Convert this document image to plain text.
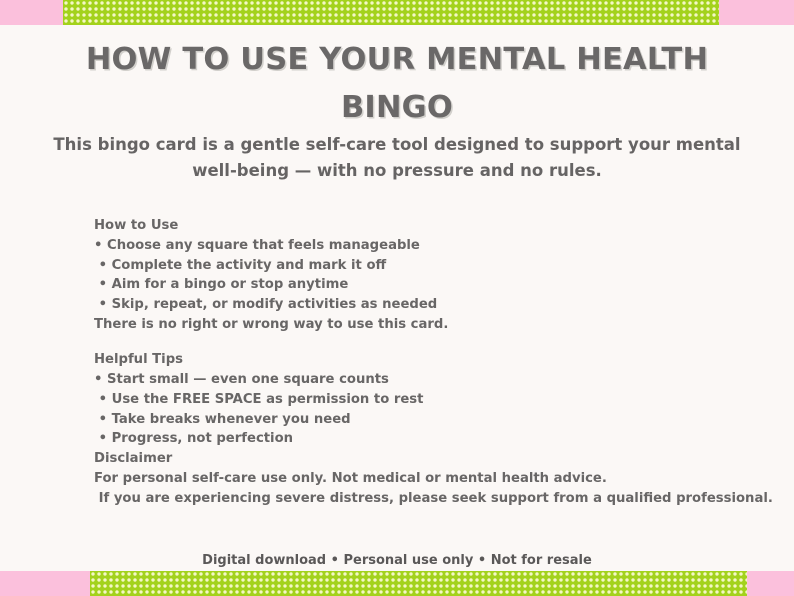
HOW TO USE YOUR MENTAL HEALTH BINGO

This bingo card is a gentle self-care tool designed to support your mental well-being — with no pressure and no rules.

How to Use
• Choose any square that feels manageable
• Complete the activity and mark it off
• Aim for a bingo or stop anytime
• Skip, repeat, or modify activities as needed
There is no right or wrong way to use this card.
Helpful Tips
• Start small — even one square counts
• Use the FREE SPACE as permission to rest
• Take breaks whenever you need
• Progress, not perfection
Disclaimer
For personal self-care use only. Not medical or mental health advice.
If you are experiencing severe distress, please seek support from a qualified professional.
Digital download • Personal use only • Not for resale
